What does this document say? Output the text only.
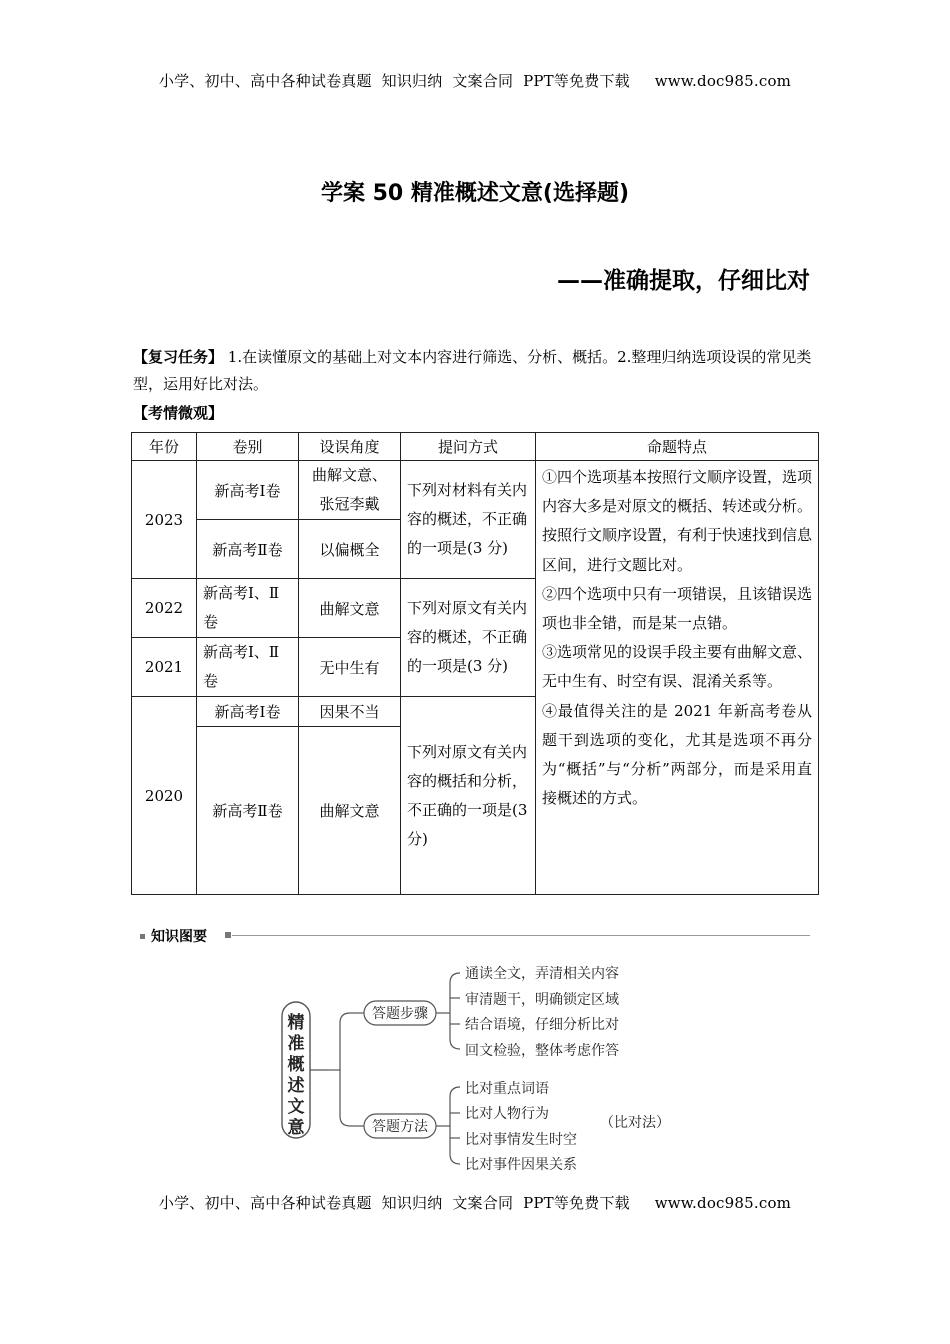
小学、初中、高中各种试卷真题  知识归纳  文案合同  PPT等免费下载     www.doc985.com
学案 50 精准概述文意(选择题)
——准确提取，仔细比对
【复习任务】 1.在读懂原文的基础上对文本内容进行筛选、分析、概括。2.整理归纳选项设误的常见类型，运用好比对法。
【考情微观】
年份	卷别	设误角度	提问方式	命题特点
2023	新高考Ⅰ卷	曲解文意、张冠李戴	下列对材料有关内容的概述，不正确的一项是(3 分)	①四个选项基本按照行文顺序设置，选项内容大多是对原文的概括、转述或分析。按照行文顺序设置，有利于快速找到信息区间，进行文题比对。
②四个选项中只有一项错误，且该错误选项也非全错，而是某一点错。
③选项常见的设误手段主要有曲解文意、无中生有、时空有误、混淆关系等。
④最值得关注的是 2021 年新高考卷从题干到选项的变化，尤其是选项不再分为“概括”与“分析”两部分，而是采用直接概述的方式。

	新高考Ⅱ卷	以偏概全		
2022	新高考Ⅰ、Ⅱ卷	曲解文意	下列对原文有关内容的概述，不正确的一项是(3 分)	
2021	新高考Ⅰ、Ⅱ卷	无中生有		
2020	新高考Ⅰ卷	因果不当	下列对原文有关内容的概括和分析，不正确的一项是(3 分)	
	新高考Ⅱ卷	曲解文意		
知识图要
精
准
概
述
文
意
答题步骤
答题方法
通读全文，弄清相关内容
审清题干，明确锁定区域
结合语境，仔细分析比对
回文检验，整体考虑作答
比对重点词语
比对人物行为
比对事情发生时空
比对事件因果关系
（比对法）
小学、初中、高中各种试卷真题  知识归纳  文案合同  PPT等免费下载     www.doc985.com
